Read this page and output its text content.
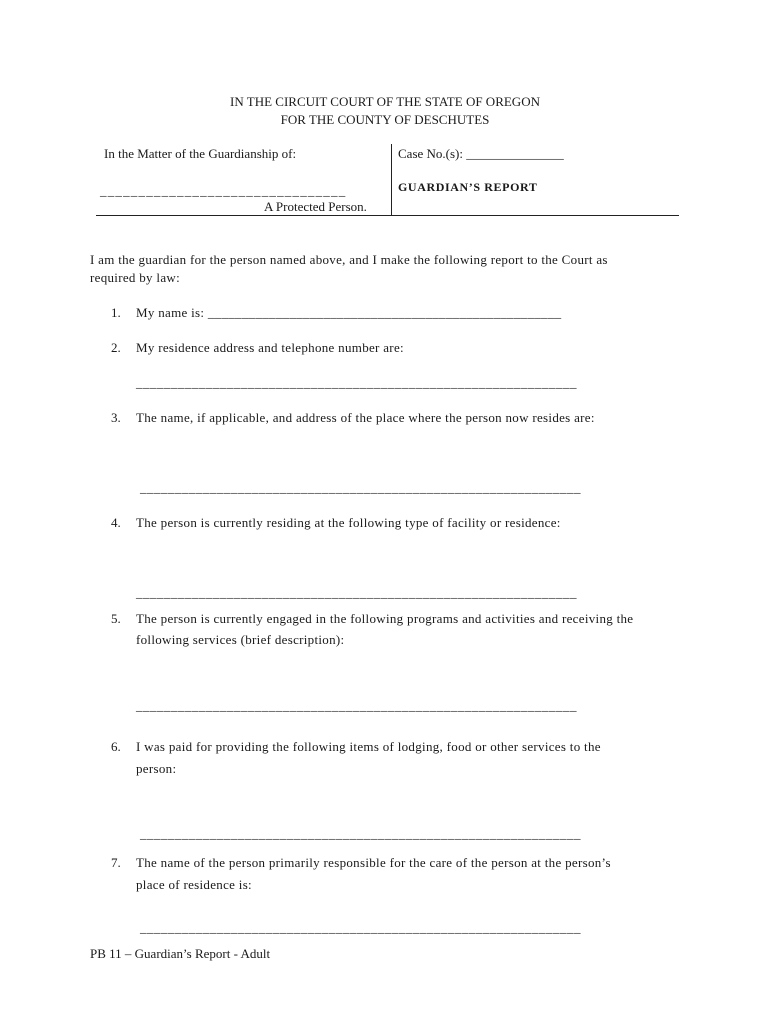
IN THE CIRCUIT COURT OF THE STATE OF OREGON
FOR THE COUNTY OF DESCHUTES
In the Matter of the Guardianship of:
________________________________
A Protected Person.
Case No.(s): _______________
GUARDIAN’S REPORT
I am the guardian for the person named above, and I make the following report to the Court as
required by law:
1. My name is: ____________________________________________________
2. My residence address and telephone number are:
_______________________________________________________________
3. The name, if applicable, and address of the place where the person now resides are:
_______________________________________________________________
4. The person is currently residing at the following type of facility or residence:
_______________________________________________________________
5. The person is currently engaged in the following programs and activities and receiving the
following services (brief description):
_______________________________________________________________
6. I was paid for providing the following items of lodging, food or other services to the
person:
_______________________________________________________________
7. The name of the person primarily responsible for the care of the person at the person’s
place of residence is:
_______________________________________________________________
PB 11 – Guardian’s Report - Adult
